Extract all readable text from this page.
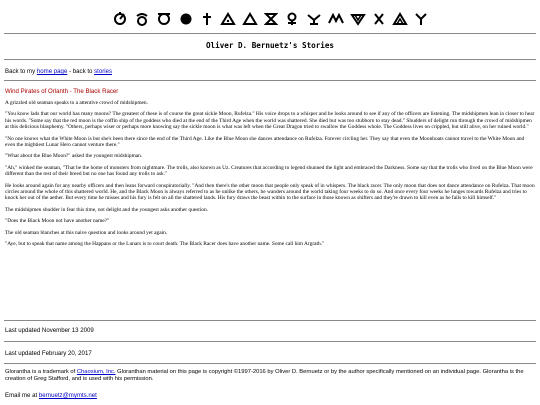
Oliver D. Bernuetz's Stories
Back to my home page - back to stories
Wind Pirates of Orlanth - The Black Racer

A grizzled old seaman speaks to a attentive crowd of midshipmen.

"You know lads that our world has many moons? The greatest of these is of course the great sickle Moon, Rufelza." His voice drops to a whisper and he looks around to see if any of the officers are listening. The midshipmen lean in closer to hear his words. "Some say that the red moon is the coffin ship of the goddess who died at the end of the Third Age when the world was shattered. She died but was too stubborn to stay dead." Shudders of delight run through the crowd of midshipmen at this delicious blasphemy. "Others, perhaps wiser or perhaps more knowing say the sickle moon is what was left when the Great Dragon tried to swallow the Goddess whole. The Goddess lives on crippled, but still alive, on her ruined world."

"No one knows what the White Moon is but she's been there since the end of the Third Age. Like the Blue Moon she dances attendance on Rufelza. Forever circling her. They say that even the Moonboats cannot travel to the White Moon and even the mightiest Lunar Hero cannot venture there."

"What about the Blue Moon?" asked the youngest midshipman.

"Ah," winked the seaman, "That be the home of monsters from nightmare. The trolls, also known as Uz. Creatures that according to legend shunned the light and embraced the Darkness. Some say that the trolls who lived on the Blue Moon were different than the rest of their breed but no one has found any trolls to ask."

He looks around again for any nearby officers and then leans forward conspiratorially. "And then there's the other moon that people only speak of in whispers. The black racer. The only moon that does not dance attendance on Rufelza. That moon circles around the whole of this shattered world. He, and the Black Moon is always referred to as he unlike the others, he wanders around the world taking four weeks to do so. And once every four weeks he lunges towards Rufelza and tries to knock her out of the aether. But every time he misses and his fury is felt on all the shattered lands. His fury draws the beast within to the surface in those known as shifters and they're drawn to kill even as he fails to kill himself."

The midshipmen shudder in fear this time, not delight and the youngest asks another question.

"Does the Black Moon not have another name?"

The old seaman blanches at this naive question and looks around yet again.

"Aye, but to speak that name among the Happans or the Lunars is to court death. The Black Racer does have another name. Some call him Argrath."

Last updated November 13 2009
Last updated February 20, 2017
Glorantha is a trademark of Chaosium, Inc. Gloranthan material on this page is copyright ©1997-2016 by Oliver D. Bernuetz or by the author specifically mentioned on an individual page. Glorantha is the creation of Greg Stafford, and is used with his permission.
Email me at bernuetz@mymts.net
